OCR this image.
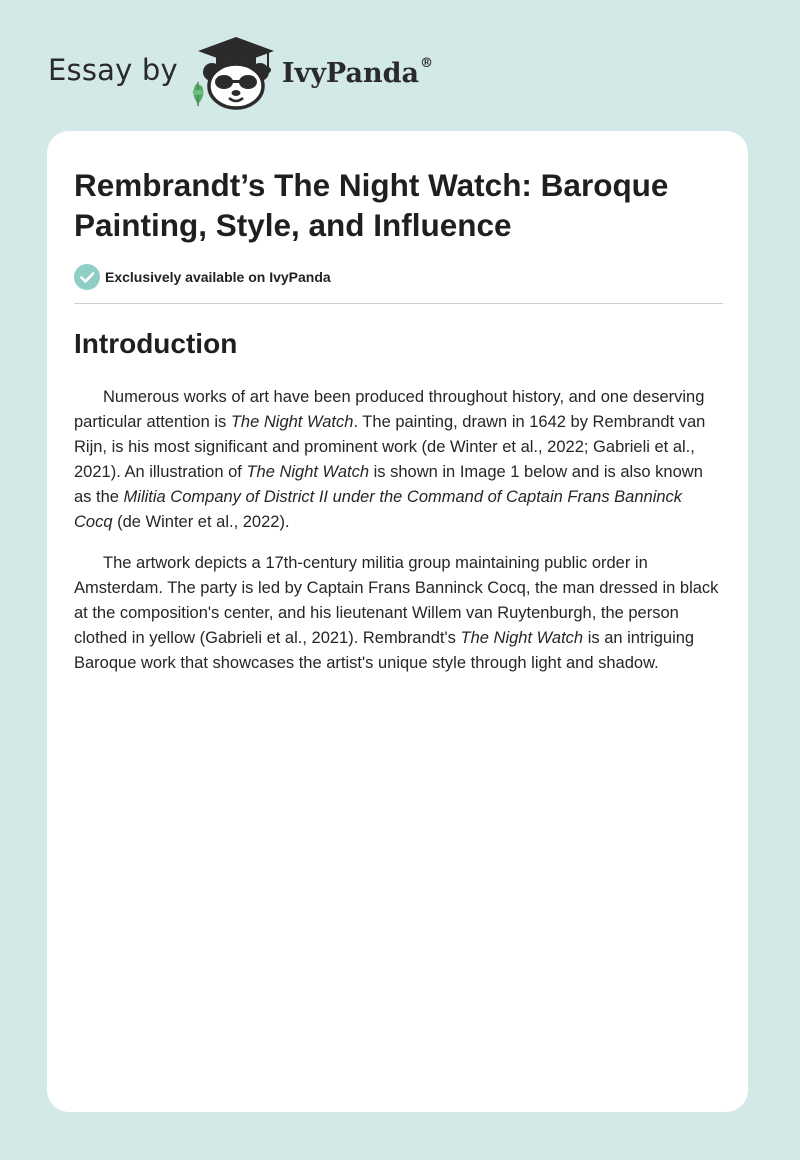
Essay by	IvyPanda ®
Rembrandt’s The Night Watch: Baroque Painting, Style, and Influence
Exclusively available on IvyPanda
Introduction

Numerous works of art have been produced throughout history, and one deserving particular attention is The Night Watch. The painting, drawn in 1642 by Rembrandt van Rijn, is his most significant and prominent work (de Winter et al., 2022; Gabrieli et al., 2021). An illustration of The Night Watch is shown in Image 1 below and is also known as the Militia Company of District II under the Command of Captain Frans Banninck Cocq (de Winter et al., 2022).

The artwork depicts a 17th-century militia group maintaining public order in Amsterdam. The party is led by Captain Frans Banninck Cocq, the man dressed in black at the composition's center, and his lieutenant Willem van Ruytenburgh, the person clothed in yellow (Gabrieli et al., 2021). Rembrandt's The Night Watch is an intriguing Baroque work that showcases the artist's unique style through light and shadow.
